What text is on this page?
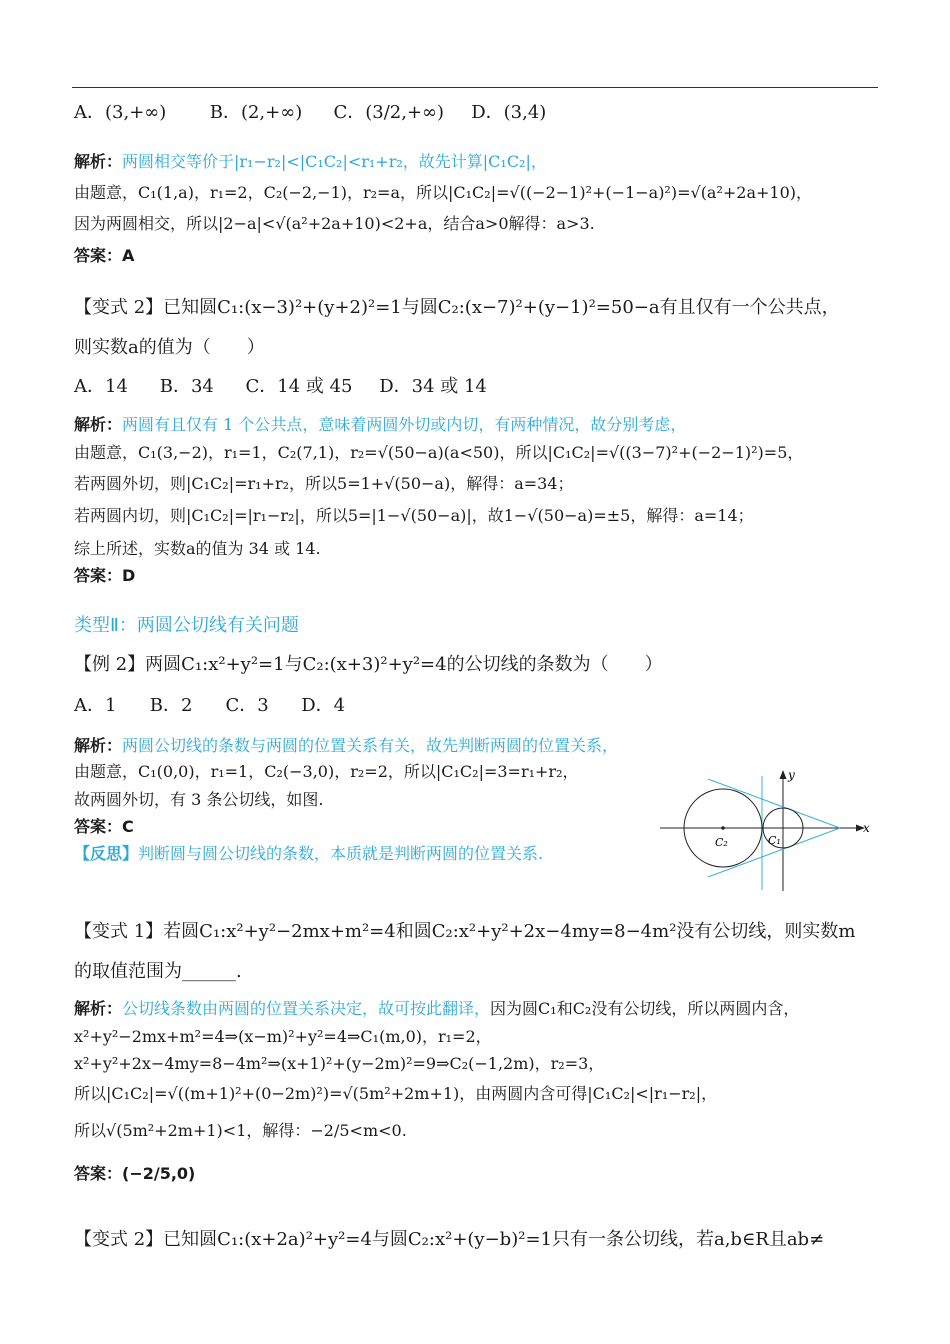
A．(3,+∞) B．(2,+∞) C．(3/2,+∞) D．(3,4)
解析：两圆相交等价于|r₁−r₂|<|C₁C₂|<r₁+r₂，故先计算|C₁C₂|，
由题意，C₁(1,a)，r₁=2，C₂(−2,−1)，r₂=a，所以|C₁C₂|=√((−2−1)²+(−1−a)²)=√(a²+2a+10)，
因为两圆相交，所以|2−a|<√(a²+2a+10)<2+a，结合a>0解得：a>3.
答案：A
【变式 2】已知圆C₁:(x−3)²+(y+2)²=1与圆C₂:(x−7)²+(y−1)²=50−a有且仅有一个公共点，
则实数a的值为（　　）
A．14 B．34 C．14 或 45 D．34 或 14
解析：两圆有且仅有 1 个公共点，意味着两圆外切或内切，有两种情况，故分别考虑，
由题意，C₁(3,−2)，r₁=1，C₂(7,1)，r₂=√(50−a)(a<50)，所以|C₁C₂|=√((3−7)²+(−2−1)²)=5，
若两圆外切，则|C₁C₂|=r₁+r₂，所以5=1+√(50−a)，解得：a=34；
若两圆内切，则|C₁C₂|=|r₁−r₂|，所以5=|1−√(50−a)|，故1−√(50−a)=±5，解得：a=14；
综上所述，实数a的值为 34 或 14.
答案：D
类型Ⅱ：两圆公切线有关问题
【例 2】两圆C₁:x²+y²=1与C₂:(x+3)²+y²=4的公切线的条数为（　　）
A．1 B．2 C．3 D．4
解析：两圆公切线的条数与两圆的位置关系有关，故先判断两圆的位置关系，
由题意，C₁(0,0)，r₁=1，C₂(−3,0)，r₂=2，所以|C₁C₂|=3=r₁+r₂，
故两圆外切，有 3 条公切线，如图.
答案：C
【反思】判断圆与圆公切线的条数，本质就是判断两圆的位置关系.
y
x
C₁
C₂
【变式 1】若圆C₁:x²+y²−2mx+m²=4和圆C₂:x²+y²+2x−4my=8−4m²没有公切线，则实数m
的取值范围为______.
解析：公切线条数由两圆的位置关系决定，故可按此翻译，因为圆C₁和C₂没有公切线，所以两圆内含，
x²+y²−2mx+m²=4⇒(x−m)²+y²=4⇒C₁(m,0)，r₁=2，
x²+y²+2x−4my=8−4m²⇒(x+1)²+(y−2m)²=9⇒C₂(−1,2m)，r₂=3，
所以|C₁C₂|=√((m+1)²+(0−2m)²)=√(5m²+2m+1)，由两圆内含可得|C₁C₂|<|r₁−r₂|，
所以√(5m²+2m+1)<1，解得：−2/5<m<0.
答案：(−2/5,0)
【变式 2】已知圆C₁:(x+2a)²+y²=4与圆C₂:x²+(y−b)²=1只有一条公切线，若a,b∈R且ab≠
